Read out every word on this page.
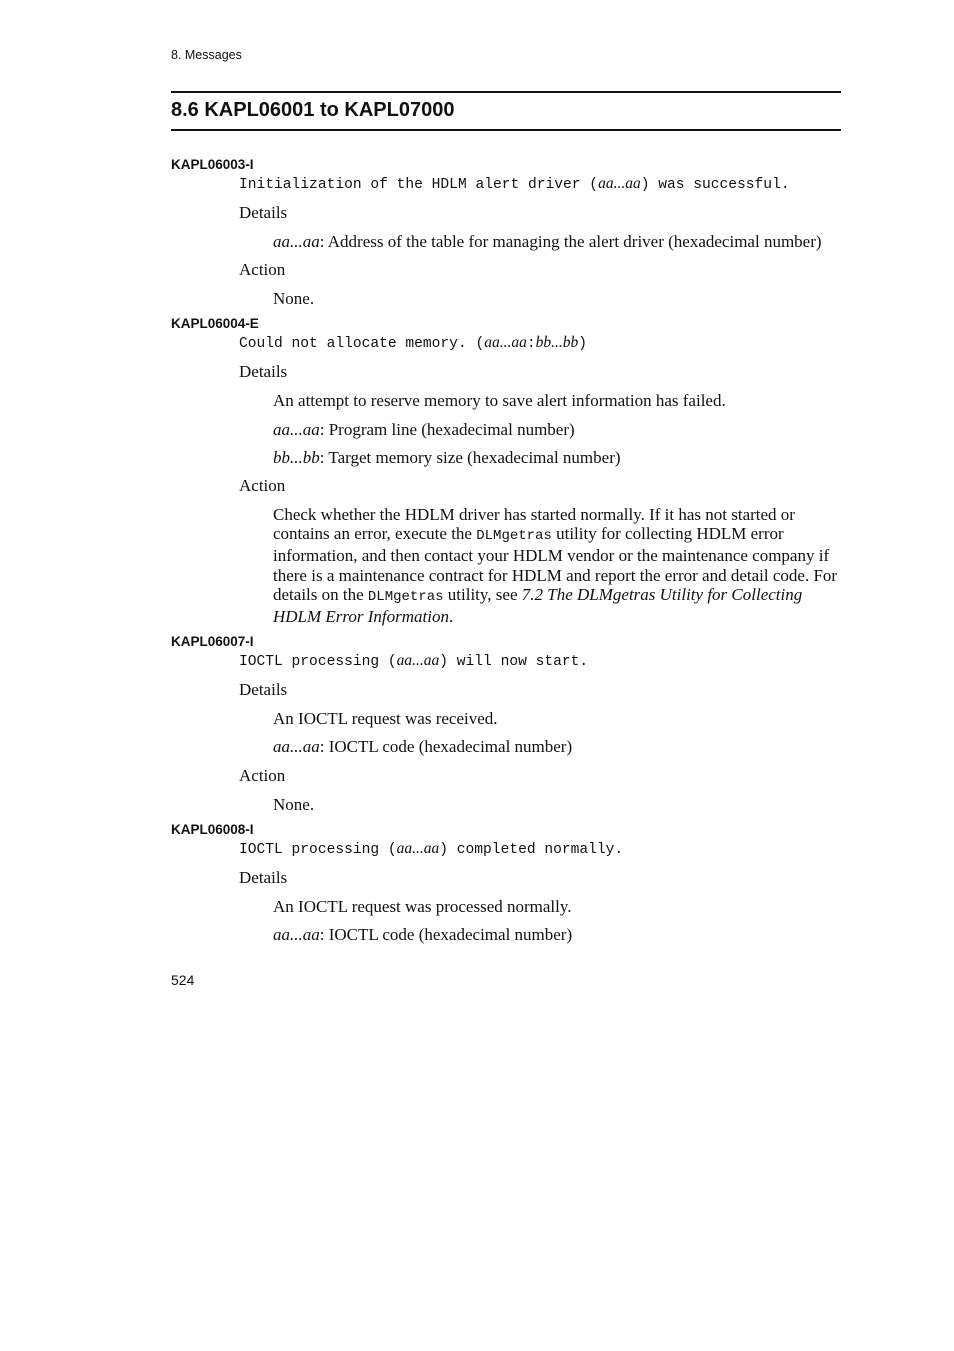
8. Messages
8.6 KAPL06001 to KAPL07000
KAPL06003-I
Initialization of the HDLM alert driver (aa...aa) was successful.
Details
aa...aa: Address of the table for managing the alert driver (hexadecimal number)
Action
None.
KAPL06004-E
Could not allocate memory. (aa...aa:bb...bb)
Details
An attempt to reserve memory to save alert information has failed.
aa...aa: Program line (hexadecimal number)
bb...bb: Target memory size (hexadecimal number)
Action
Check whether the HDLM driver has started normally. If it has not started or contains an error, execute the DLMgetras utility for collecting HDLM error information, and then contact your HDLM vendor or the maintenance company if there is a maintenance contract for HDLM and report the error and detail code. For details on the DLMgetras utility, see 7.2 The DLMgetras Utility for Collecting HDLM Error Information.
KAPL06007-I
IOCTL processing (aa...aa) will now start.
Details
An IOCTL request was received.
aa...aa: IOCTL code (hexadecimal number)
Action
None.
KAPL06008-I
IOCTL processing (aa...aa) completed normally.
Details
An IOCTL request was processed normally.
aa...aa: IOCTL code (hexadecimal number)
524
